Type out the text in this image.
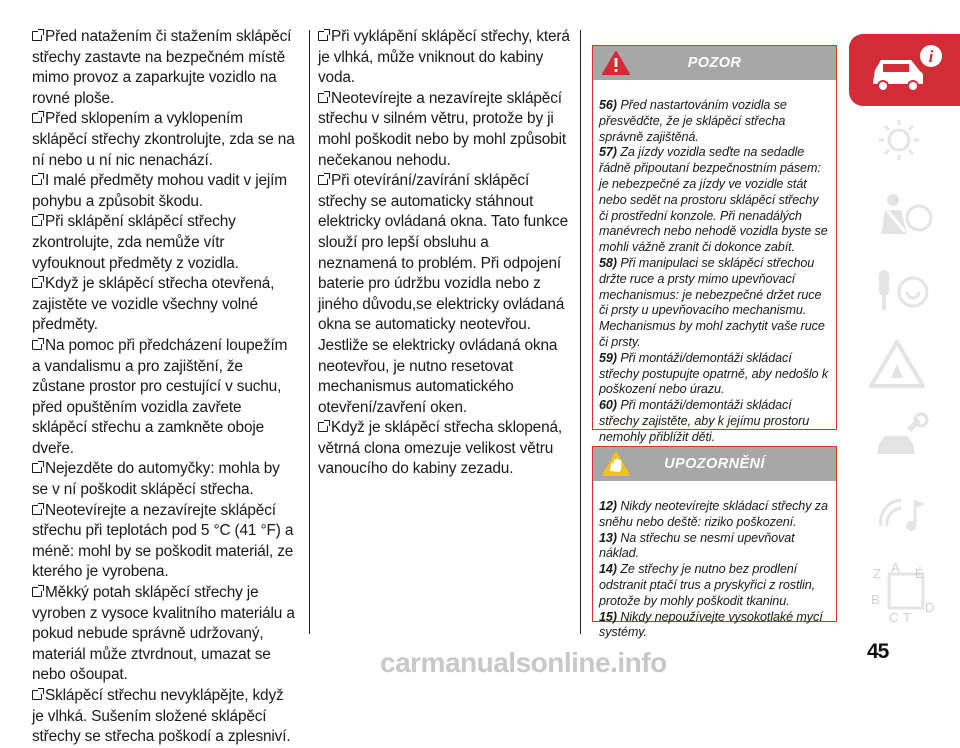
Před natažením či stažením sklápěcí střechy zastavte na bezpečném místě mimo provoz a zaparkujte vozidlo na rovné ploše.

Před sklopením a vyklopením sklápěcí střechy zkontrolujte, zda se na ní nebo u ní nic nenachází.

I malé předměty mohou vadit v jejím pohybu a způsobit škodu.

Při sklápění sklápěcí střechy zkontrolujte, zda nemůže vítr vyfouknout předměty z vozidla.

Když je sklápěcí střecha otevřená, zajistěte ve vozidle všechny volné předměty.

Na pomoc při předcházení loupežím a vandalismu a pro zajištění, že zůstane prostor pro cestující v suchu, před opuštěním vozidla zavřete sklápěcí střechu a zamkněte oboje dveře.

Nejezděte do automyčky: mohla by se v ní poškodit sklápěcí střecha.

Neotevírejte a nezavírejte sklápěcí střechu při teplotách pod 5 °C (41 °F) a méně: mohl by se poškodit materiál, ze kterého je vyrobena.

Měkký potah sklápěcí střechy je vyroben z vysoce kvalitního materiálu a pokud nebude správně udržovaný, materiál může ztvrdnout, umazat se nebo ošoupat.

Sklápěcí střechu nevyklápějte, když je vlhká. Sušením složené sklápěcí střechy se střecha poškodí a zplesniví.

Při vyklápění sklápěcí střechy, která je vlhká, může vniknout do kabiny voda.

Neotevírejte a nezavírejte sklápěcí střechu v silném větru, protože by ji mohl poškodit nebo by mohl způsobit nečekanou nehodu.

Při otevírání/zavírání sklápěcí střechy se automaticky stáhnout elektricky ovládaná okna. Tato funkce slouží pro lepší obsluhu a neznamená to problém. Při odpojení baterie pro údržbu vozidla nebo z jiného důvodu,se elektricky ovládaná okna se automaticky neotevřou. Jestliže se elektricky ovládaná okna neotevřou, je nutno resetovat mechanismus automatického otevření/zavření oken.

Když je sklápěcí střecha sklopená, větrná clona omezuje velikost větru vanoucího do kabiny zezadu.

POZOR
56) Před nastartováním vozidla se přesvědčte, že je sklápěcí střecha správně zajištěná.
57) Za jízdy vozidla seďte na sedadle řádně připoutaní bezpečnostním pásem: je nebezpečné za jízdy ve vozidle stát nebo sedět na prostoru sklápěcí střechy či prostřední konzole. Při nenadálých manévrech nebo nehodě vozidla byste se mohli vážně zranit či dokonce zabít.
58) Při manipulaci se sklápěcí střechou držte ruce a prsty mimo upevňovací mechanismus: je nebezpečné držet ruce či prsty u upevňovacího mechanismu. Mechanismus by mohl zachytit vaše ruce či prsty.
59) Při montáži/demontáži skládací střechy postupujte opatrně, aby nedošlo k poškození nebo úrazu.
60) Při montáži/demontáži skládací střechy zajistěte, aby k jejímu prostoru nemohly přiblížit děti.
UPOZORNĚNÍ
12) Nikdy neotevírejte skládací střechy za sněhu nebo deště: riziko poškození.
13) Na střechu se nesmí upevňovat náklad.
14) Ze střechy je nutno bez prodlení odstranit ptačí trus a pryskyřici z rostlin, protože by mohly poškodit tkaninu.
15) Nikdy nepoužívejte vysokotlaké mycí systémy.
i
Z A
B
É
C T
D
45
carmanualsonline.info
